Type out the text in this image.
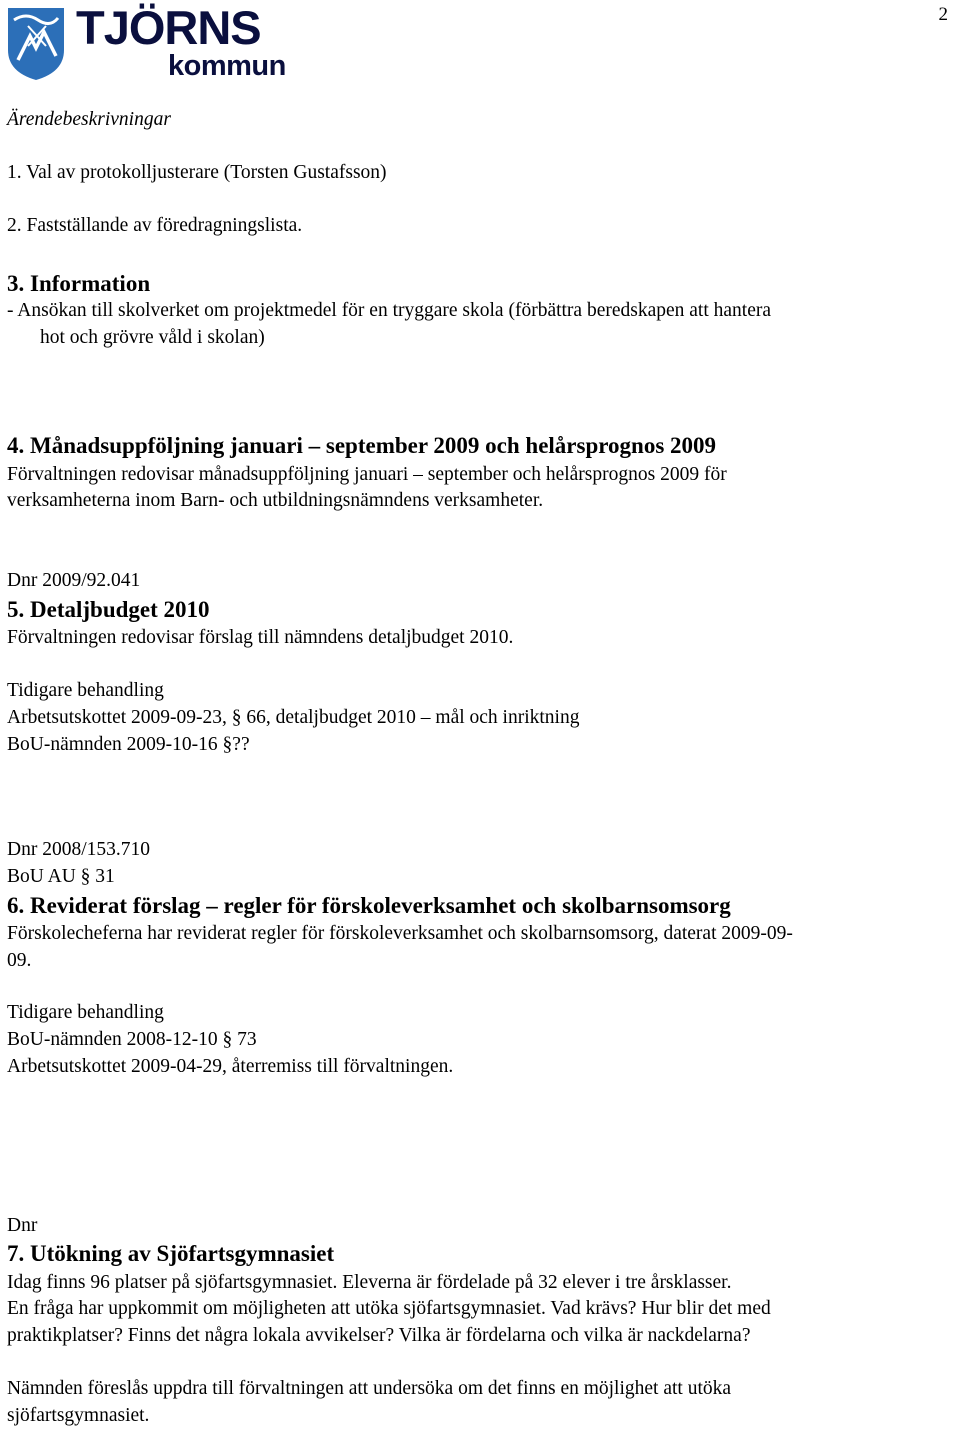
TJÖRNS
kommun
2
Ärendebeskrivningar
1. Val av protokolljusterare (Torsten Gustafsson)
2. Fastställande av föredragningslista.
3. Information
- Ansökan till skolverket om projektmedel för en tryggare skola (förbättra beredskapen att hantera
hot och grövre våld i skolan)
4. Månadsuppföljning januari – september 2009 och helårsprognos 2009
Förvaltningen redovisar månadsuppföljning januari – september och helårsprognos 2009 för
verksamheterna inom Barn- och utbildningsnämndens verksamheter.
Dnr 2009/92.041
5. Detaljbudget 2010
Förvaltningen redovisar förslag till nämndens detaljbudget 2010.
Tidigare behandling
Arbetsutskottet 2009-09-23, § 66, detaljbudget 2010 – mål och inriktning
BoU-nämnden 2009-10-16 §??
Dnr 2008/153.710
BoU AU § 31
6. Reviderat förslag – regler för förskoleverksamhet och skolbarnsomsorg
Förskolecheferna har reviderat regler för förskoleverksamhet och skolbarnsomsorg, daterat 2009-09-
09.
Tidigare behandling
BoU-nämnden 2008-12-10 § 73
Arbetsutskottet 2009-04-29, återremiss till förvaltningen.
Dnr
7. Utökning av Sjöfartsgymnasiet
Idag finns 96 platser på sjöfartsgymnasiet. Eleverna är fördelade på 32 elever i tre årsklasser.
En fråga har uppkommit om möjligheten att utöka sjöfartsgymnasiet. Vad krävs? Hur blir det med
praktikplatser? Finns det några lokala avvikelser? Vilka är fördelarna och vilka är nackdelarna?
Nämnden föreslås uppdra till förvaltningen att undersöka om det finns en möjlighet att utöka
sjöfartsgymnasiet.
